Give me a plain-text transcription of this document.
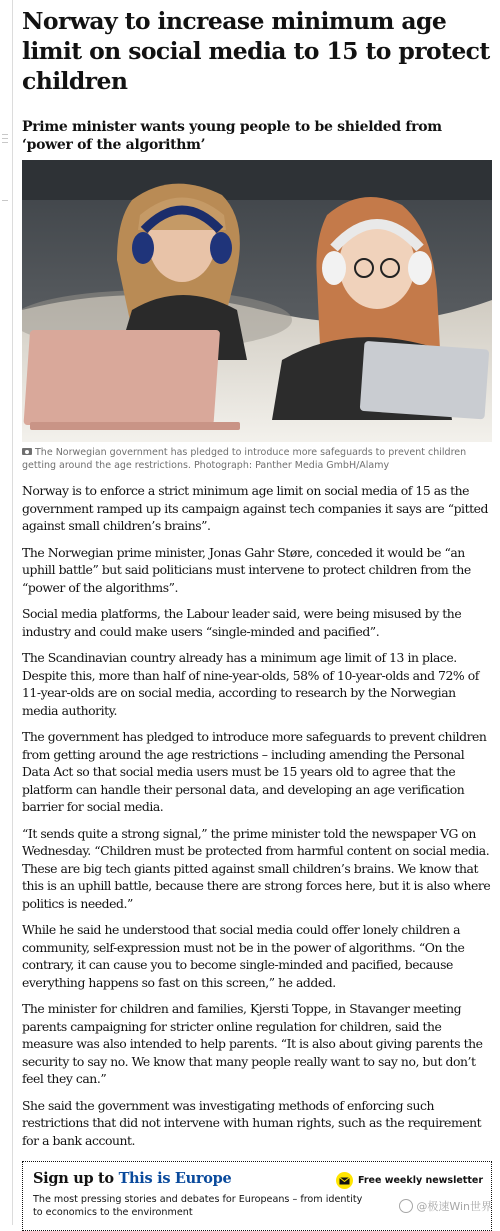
Norway to increase minimum age limit on social media to 15 to protect children
Prime minister wants young people to be shielded from ‘power of the algorithm’
The Norwegian government has pledged to introduce more safeguards to prevent children getting around the age restrictions. Photograph: Panther Media GmbH/Alamy

Norway is to enforce a strict minimum age limit on social media of 15 as the government ramped up its campaign against tech companies it says are “pitted against small children’s brains”.

The Norwegian prime minister, Jonas Gahr Støre, conceded it would be “an uphill battle” but said politicians must intervene to protect children from the “power of the algorithms”.

Social media platforms, the Labour leader said, were being misused by the industry and could make users “single-minded and pacified”.

The Scandinavian country already has a minimum age limit of 13 in place. Despite this, more than half of nine-year-olds, 58% of 10-year-olds and 72% of 11-year-olds are on social media, according to research by the Norwegian media authority.

The government has pledged to introduce more safeguards to prevent children from getting around the age restrictions – including amending the Personal Data Act so that social media users must be 15 years old to agree that the platform can handle their personal data, and developing an age verification barrier for social media.

“It sends quite a strong signal,” the prime minister told the newspaper VG on Wednesday. “Children must be protected from harmful content on social media. These are big tech giants pitted against small children’s brains. We know that this is an uphill battle, because there are strong forces here, but it is also where politics is needed.”

While he said he understood that social media could offer lonely children a community, self-expression must not be in the power of algorithms. “On the contrary, it can cause you to become single-minded and pacified, because everything happens so fast on this screen,” he added.

The minister for children and families, Kjersti Toppe, in Stavanger meeting parents campaigning for stricter online regulation for children, said the measure was also intended to help parents. “It is also about giving parents the security to say no. We know that many people really want to say no, but don’t feel they can.”

She said the government was investigating methods of enforcing such restrictions that did not intervene with human rights, such as the requirement for a bank account.

Sign up to This is Europe	Free weekly newsletter
The most pressing stories and debates for Europeans – from identity to economics to the environment	@极速Win世界
